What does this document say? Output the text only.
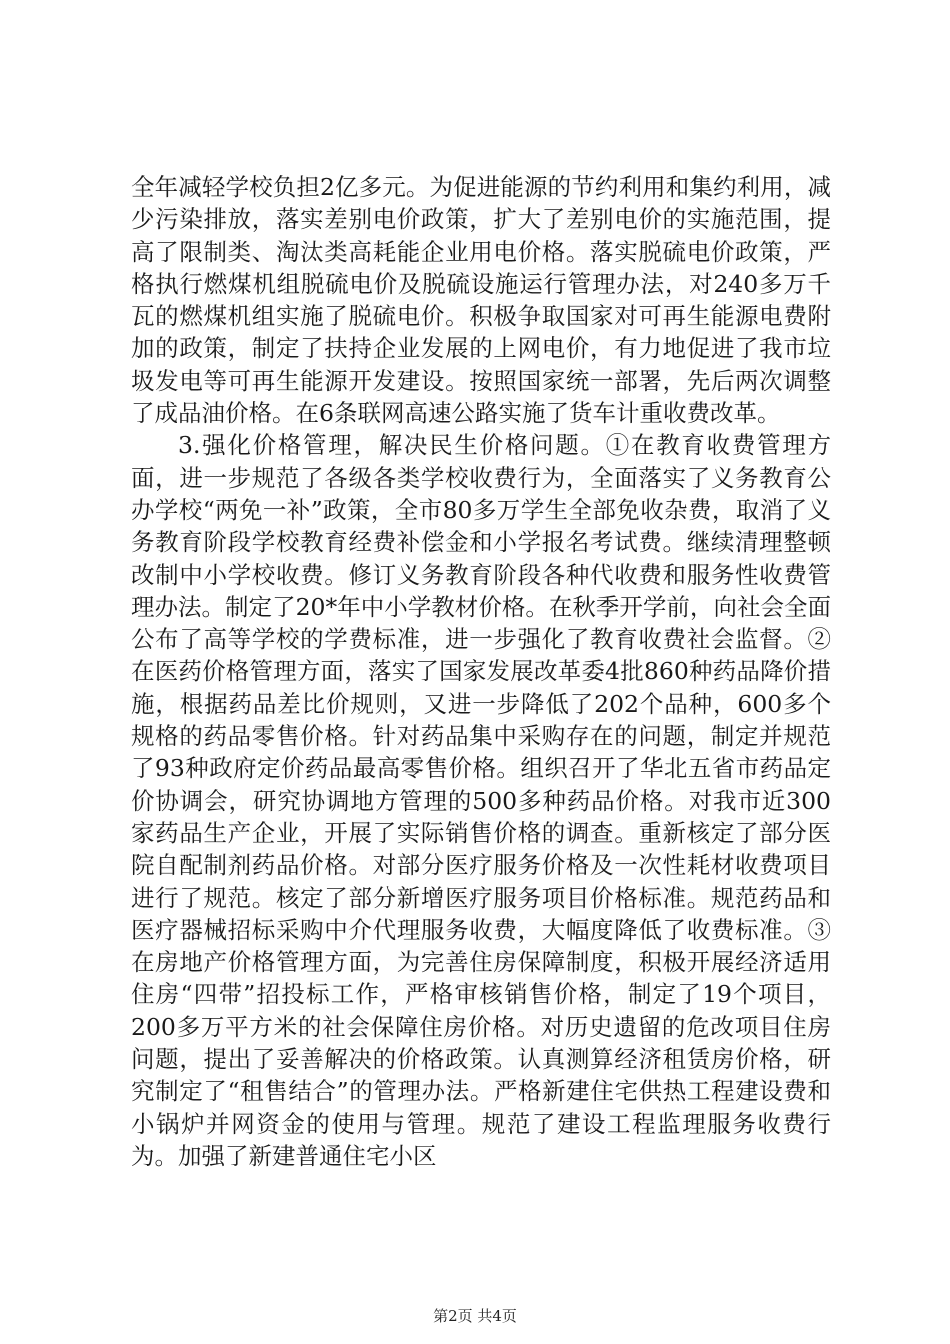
全年减轻学校负担2亿多元。为促进能源的节约利用和集约利用，减少污染排放，落实差别电价政策，扩大了差别电价的实施范围，提高了限制类、淘汰类高耗能企业用电价格。落实脱硫电价政策，严格执行燃煤机组脱硫电价及脱硫设施运行管理办法，对240多万千瓦的燃煤机组实施了脱硫电价。积极争取国家对可再生能源电费附加的政策，制定了扶持企业发展的上网电价，有力地促进了我市垃圾发电等可再生能源开发建设。按照国家统一部署，先后两次调整了成品油价格。在6条联网高速公路实施了货车计重收费改革。

3.强化价格管理，解决民生价格问题。①在教育收费管理方面，进一步规范了各级各类学校收费行为，全面落实了义务教育公办学校“两免一补”政策，全市80多万学生全部免收杂费，取消了义务教育阶段学校教育经费补偿金和小学报名考试费。继续清理整顿改制中小学校收费。修订义务教育阶段各种代收费和服务性收费管理办法。制定了20*年中小学教材价格。在秋季开学前，向社会全面公布了高等学校的学费标准，进一步强化了教育收费社会监督。②在医药价格管理方面，落实了国家发展改革委4批860种药品降价措施，根据药品差比价规则，又进一步降低了202个品种，600多个规格的药品零售价格。针对药品集中采购存在的问题，制定并规范了93种政府定价药品最高零售价格。组织召开了华北五省市药品定价协调会，研究协调地方管理的500多种药品价格。对我市近300家药品生产企业，开展了实际销售价格的调查。重新核定了部分医院自配制剂药品价格。对部分医疗服务价格及一次性耗材收费项目进行了规范。核定了部分新增医疗服务项目价格标准。规范药品和医疗器械招标采购中介代理服务收费，大幅度降低了收费标准。③在房地产价格管理方面，为完善住房保障制度，积极开展经济适用住房“四带”招投标工作，严格审核销售价格，制定了19个项目，200多万平方米的社会保障住房价格。对历史遗留的危改项目住房问题，提出了妥善解决的价格政策。认真测算经济租赁房价格，研究制定了“租售结合”的管理办法。严格新建住宅供热工程建设费和小锅炉并网资金的使用与管理。规范了建设工程监理服务收费行为。加强了新建普通住宅小区

第2页 共4页
